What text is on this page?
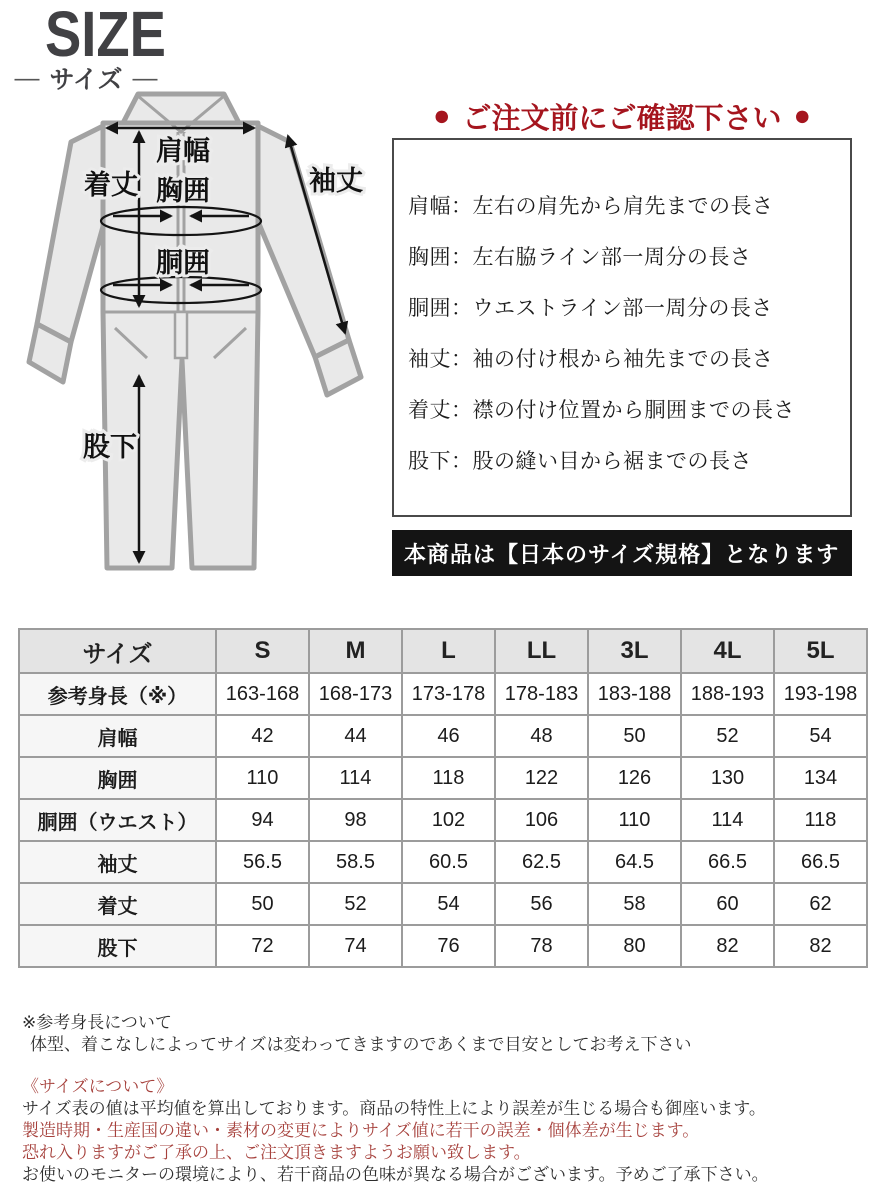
SIZE
— サイズ —
肩幅
着丈	袖丈
胸囲
胴囲
股下
● ご注文前にご確認下さい ●
肩幅 ： 左右の肩先から肩先までの長さ
胸囲 ： 左右脇ライン部一周分の長さ
胴囲 ： ウエストライン部一周分の長さ
袖丈 ： 袖の付け根から袖先までの長さ
着丈 ： 襟の付け位置から胴囲までの長さ
股下 ： 股の縫い目から裾までの長さ
本商品は【日本のサイズ規格】となります
サイズ	S	M	L	LL	3L	4L	5L
参考身長（※）	163-168	168-173	173-178	178-183	183-188	188-193	193-198
肩幅	42	44	46	48	50	52	54
胸囲	110	114	118	122	126	130	134
胴囲（ウエスト）	94	98	102	106	110	114	118
袖丈	56.5	58.5	60.5	62.5	64.5	66.5	66.5
着丈	50	52	54	56	58	60	62
股下	72	74	76	78	80	82	82
※参考身長について
体型、着こなしによってサイズは変わってきますのであくまで目安としてお考え下さい
《サイズについて》
サイズ表の値は平均値を算出しております。商品の特性上により誤差が生じる場合も御座います。
製造時期・生産国の違い・素材の変更によりサイズ値に若干の誤差・個体差が生じます。
恐れ入りますがご了承の上、ご注文頂きますようお願い致します。
お使いのモニターの環境により、若干商品の色味が異なる場合がございます。予めご了承下さい。
